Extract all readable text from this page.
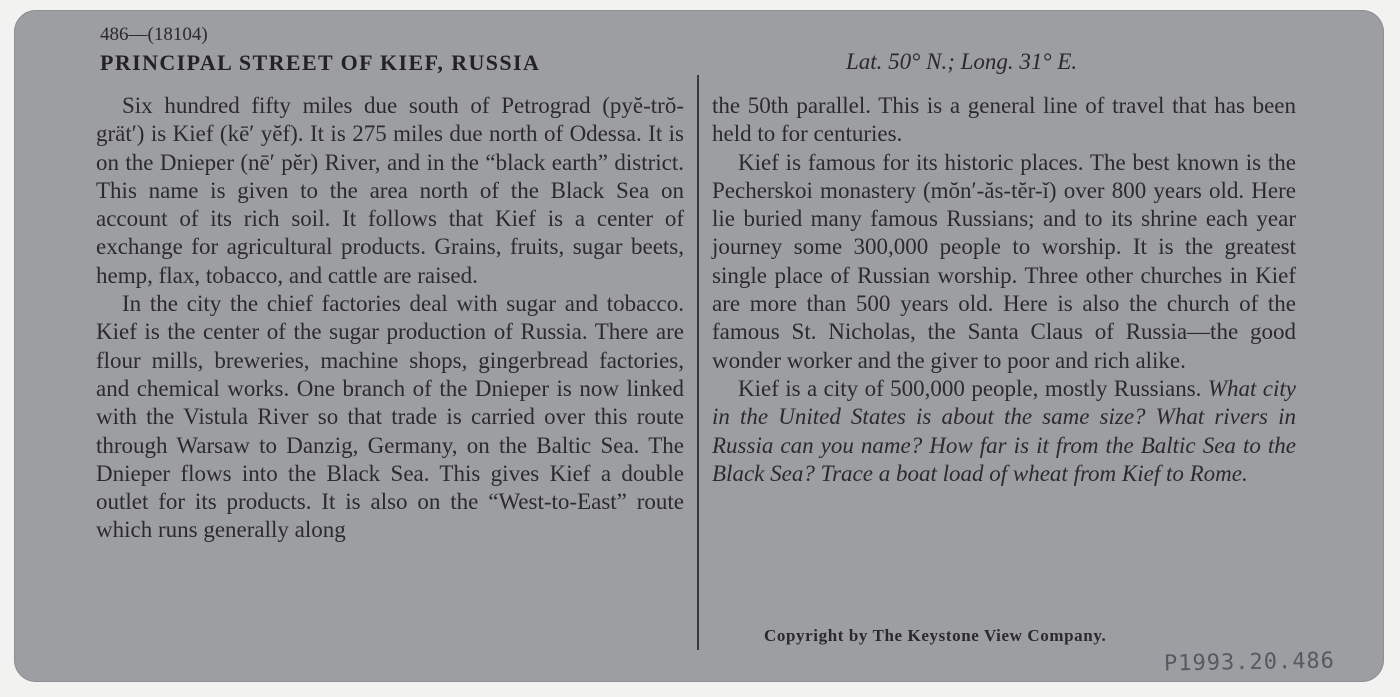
486—(18104)
PRINCIPAL STREET OF KIEF, RUSSIA	Lat. 50° N.; Long. 31° E.

Six hundred fifty miles due south of Petrograd (pyĕ-trŏ-grät′) is Kief (kē′ yĕf). It is 275 miles due north of Odessa. It is on the Dnieper (nē′ pĕr) River, and in the “black earth” district. This name is given to the area north of the Black Sea on account of its rich soil. It follows that Kief is a center of exchange for agricultural products. Grains, fruits, sugar beets, hemp, flax, tobacco, and cattle are raised.

In the city the chief factories deal with sugar and tobacco. Kief is the center of the sugar production of Russia. There are flour mills, breweries, machine shops, gingerbread factories, and chemical works. One branch of the Dnieper is now linked with the Vistula River so that trade is carried over this route through Warsaw to Danzig, Germany, on the Baltic Sea. The Dnieper flows into the Black Sea. This gives Kief a double outlet for its products. It is also on the “West-to-East” route which runs generally along

the 50th parallel. This is a general line of travel that has been held to for centuries.

Kief is famous for its historic places. The best known is the Pecherskoi monastery (mŏn′-ăs-tĕr-ĭ) over 800 years old. Here lie buried many famous Russians; and to its shrine each year journey some 300,000 people to worship. It is the greatest single place of Russian worship. Three other churches in Kief are more than 500 years old. Here is also the church of the famous St. Nicholas, the Santa Claus of Russia—the good wonder worker and the giver to poor and rich alike.

Kief is a city of 500,000 people, mostly Russians. What city in the United States is about the same size? What rivers in Russia can you name? How far is it from the Baltic Sea to the Black Sea? Trace a boat load of wheat from Kief to Rome.

Copyright by The Keystone View Company.
P1993.20.486
